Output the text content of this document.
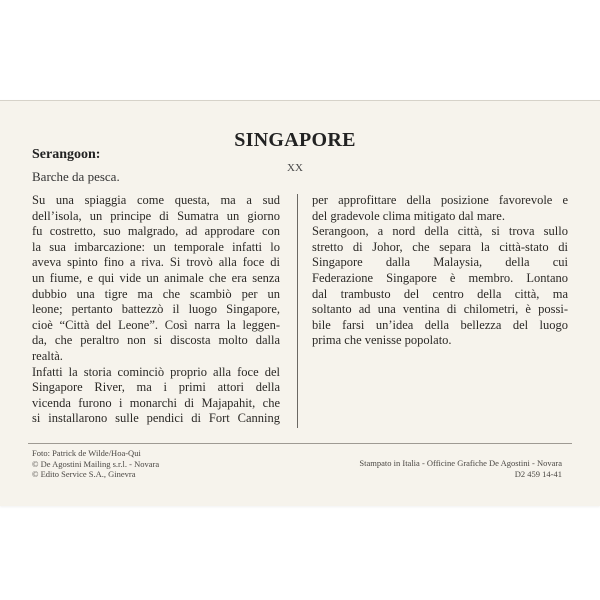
SINGAPORE
Serangoon:
XX
Barche da pesca.
Su una spiaggia come questa, ma a sud
dell’isola, un principe di Sumatra un giorno
fu costretto, suo malgrado, ad approdare con
la sua imbarcazione: un temporale infatti lo
aveva spinto fino a riva. Si trovò alla foce di
un fiume, e qui vide un animale che era senza
dubbio una tigre ma che scambiò per un
leone; pertanto battezzò il luogo Singapore,
cioè “Città del Leone”. Così narra la leggen-
da, che peraltro non si discosta molto dalla
realtà.
Infatti la storia cominciò proprio alla foce del
Singapore River, ma i primi attori della
vicenda furono i monarchi di Majapahit, che
si installarono sulle pendici di Fort Canning
per approfittare della posizione favorevole e
del gradevole clima mitigato dal mare.
Serangoon, a nord della città, si trova sullo
stretto di Johor, che separa la città-stato di
Singapore dalla Malaysia, della cui
Federazione Singapore è membro. Lontano
dal trambusto del centro della città, ma
soltanto ad una ventina di chilometri, è possi-
bile farsi un’idea della bellezza del luogo
prima che venisse popolato.
Foto: Patrick de Wilde/Hoa-Qui
© De Agostini Mailing s.r.l. - Novara
© Edito Service S.A., Ginevra
Stampato in Italia - Officine Grafiche De Agostini - Novara
D2 459 14-41
